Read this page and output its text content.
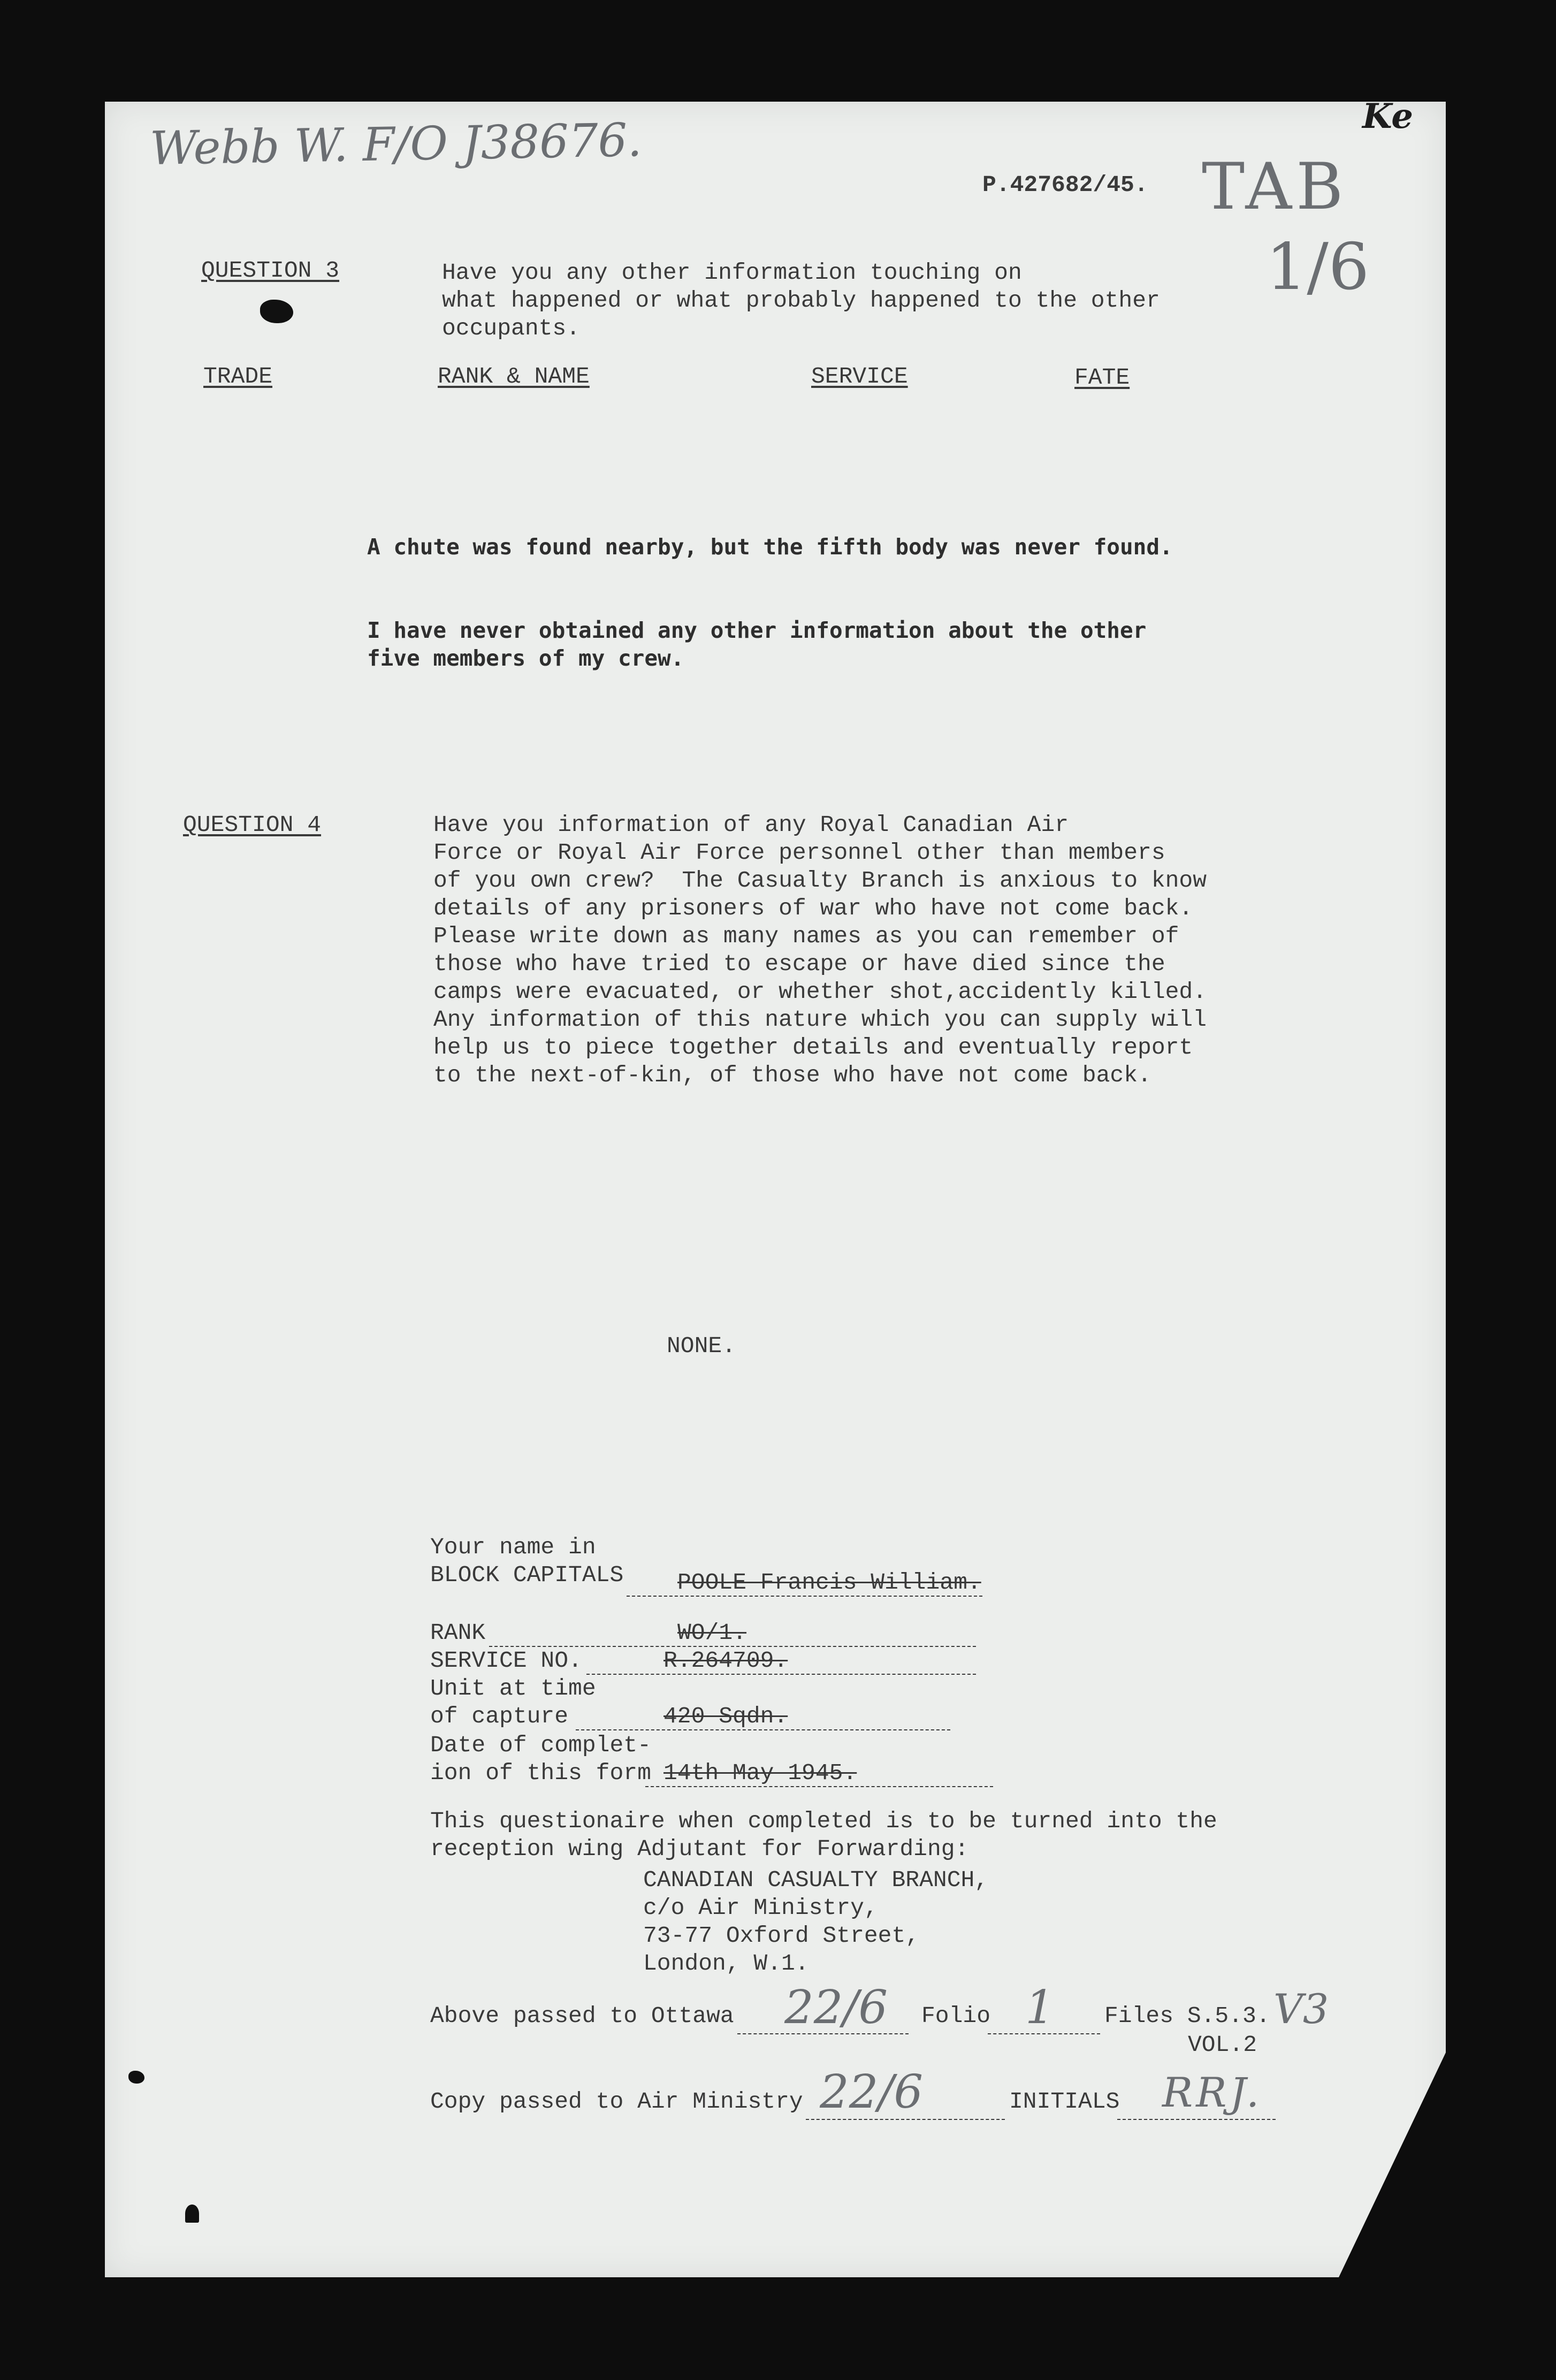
Webb W. F/O J38676.
P.427682/45. TAB
1/6
Ke
QUESTION 3	Have you any other information touching on
what happened or what probably happened to the other
occupants.
TRADE	RANK & NAME	SERVICE	FATE
A chute was found nearby, but the fifth body was never found.
I have never obtained any other information about the other
five members of my crew.
QUESTION 4	Have you information of any Royal Canadian Air
Force or Royal Air Force personnel other than members
of you own crew?  The Casualty Branch is anxious to know
details of any prisoners of war who have not come back.
Please write down as many names as you can remember of
those who have tried to escape or have died since the
camps were evacuated, or whether shot,accidently killed.
Any information of this nature which you can supply will
help us to piece together details and eventually report
to the next-of-kin, of those who have not come back.
NONE.
Your name in
BLOCK CAPITALS POOLE Francis William.
RANK	WO/1.
SERVICE NO.	R.264709.
Unit at time
of capture	420 Sqdn.
Date of complet-
ion of this form 14th May 1945.
This questionaire when completed is to be turned into the
reception wing Adjutant for Forwarding:
CANADIAN CASUALTY BRANCH,
c/o Air Ministry,
73-77 Oxford Street,
London, W.1.
Above passed to Ottawa 22/6 Folio 1 Files S.5.3. V3
VOL.2
Copy passed to Air Ministry 22/6	INITIALS RRJ.
